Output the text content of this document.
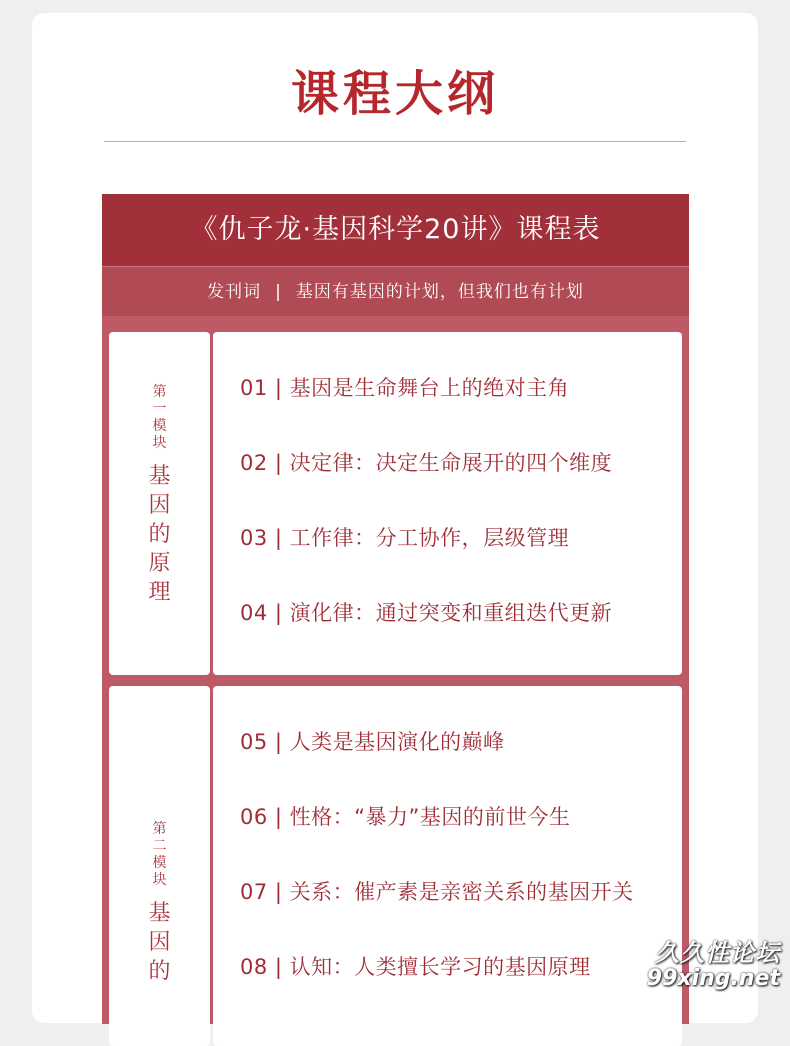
课程大纲
《仇子龙·基因科学20讲》课程表
发刊词 | 基因有基因的计划，但我们也有计划
第一模块
基因的原理
01 | 基因是生命舞台上的绝对主角
02 | 决定律：决定生命展开的四个维度
03 | 工作律：分工协作，层级管理
04 | 演化律：通过突变和重组迭代更新
第二模块
基因的
05 | 人类是基因演化的巅峰
06 | 性格：“暴力”基因的前世今生
07 | 关系：催产素是亲密关系的基因开关
08 | 认知：人类擅长学习的基因原理	久久性论坛
99xing.net
